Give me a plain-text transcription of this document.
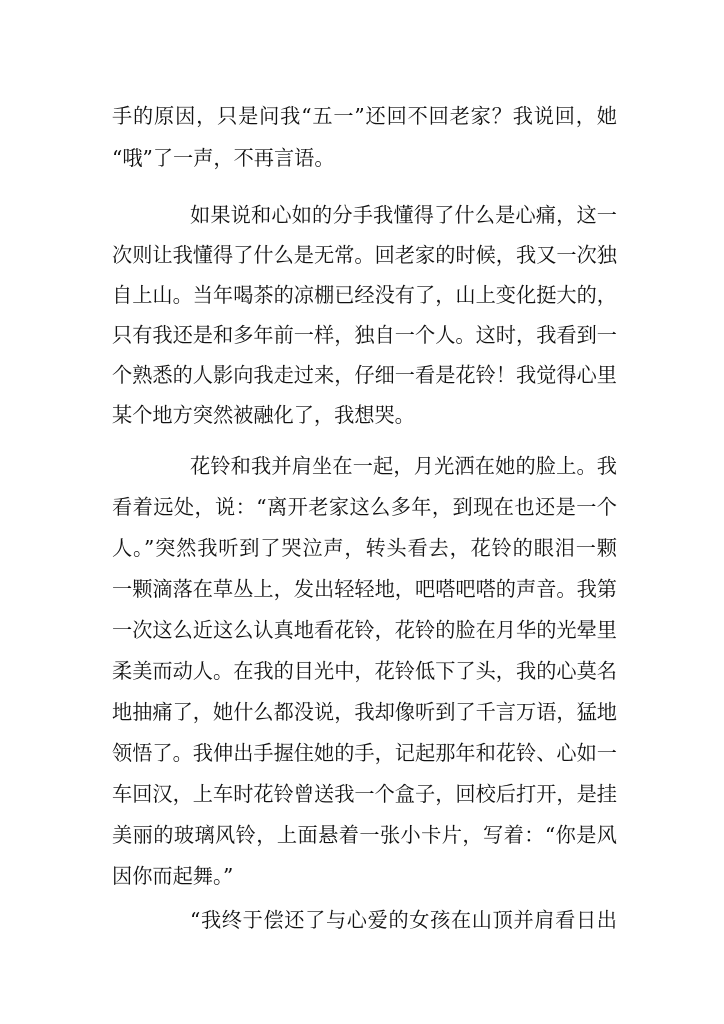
手的原因，只是问我“五一”还回不回老家？我说回，她
“哦”了一声，不再言语。
如果说和心如的分手我懂得了什么是心痛，这一
次则让我懂得了什么是无常。回老家的时候，我又一次独
自上山。当年喝茶的凉棚已经没有了，山上变化挺大的，
只有我还是和多年前一样，独自一个人。这时，我看到一
个熟悉的人影向我走过来，仔细一看是花铃！我觉得心里
某个地方突然被融化了，我想哭。
花铃和我并肩坐在一起，月光洒在她的脸上。我
看着远处，说：“离开老家这么多年，到现在也还是一个
人。”突然我听到了哭泣声，转头看去，花铃的眼泪一颗
一颗滴落在草丛上，发出轻轻地，吧嗒吧嗒的声音。我第
一次这么近这么认真地看花铃，花铃的脸在月华的光晕里
柔美而动人。在我的目光中，花铃低下了头，我的心莫名
地抽痛了，她什么都没说，我却像听到了千言万语，猛地
领悟了。我伸出手握住她的手，记起那年和花铃、心如一
车回汉，上车时花铃曾送我一个盒子，回校后打开，是挂
美丽的玻璃风铃，上面悬着一张小卡片，写着：“你是风
因你而起舞。”
“我终于偿还了与心爱的女孩在山顶并肩看日出
